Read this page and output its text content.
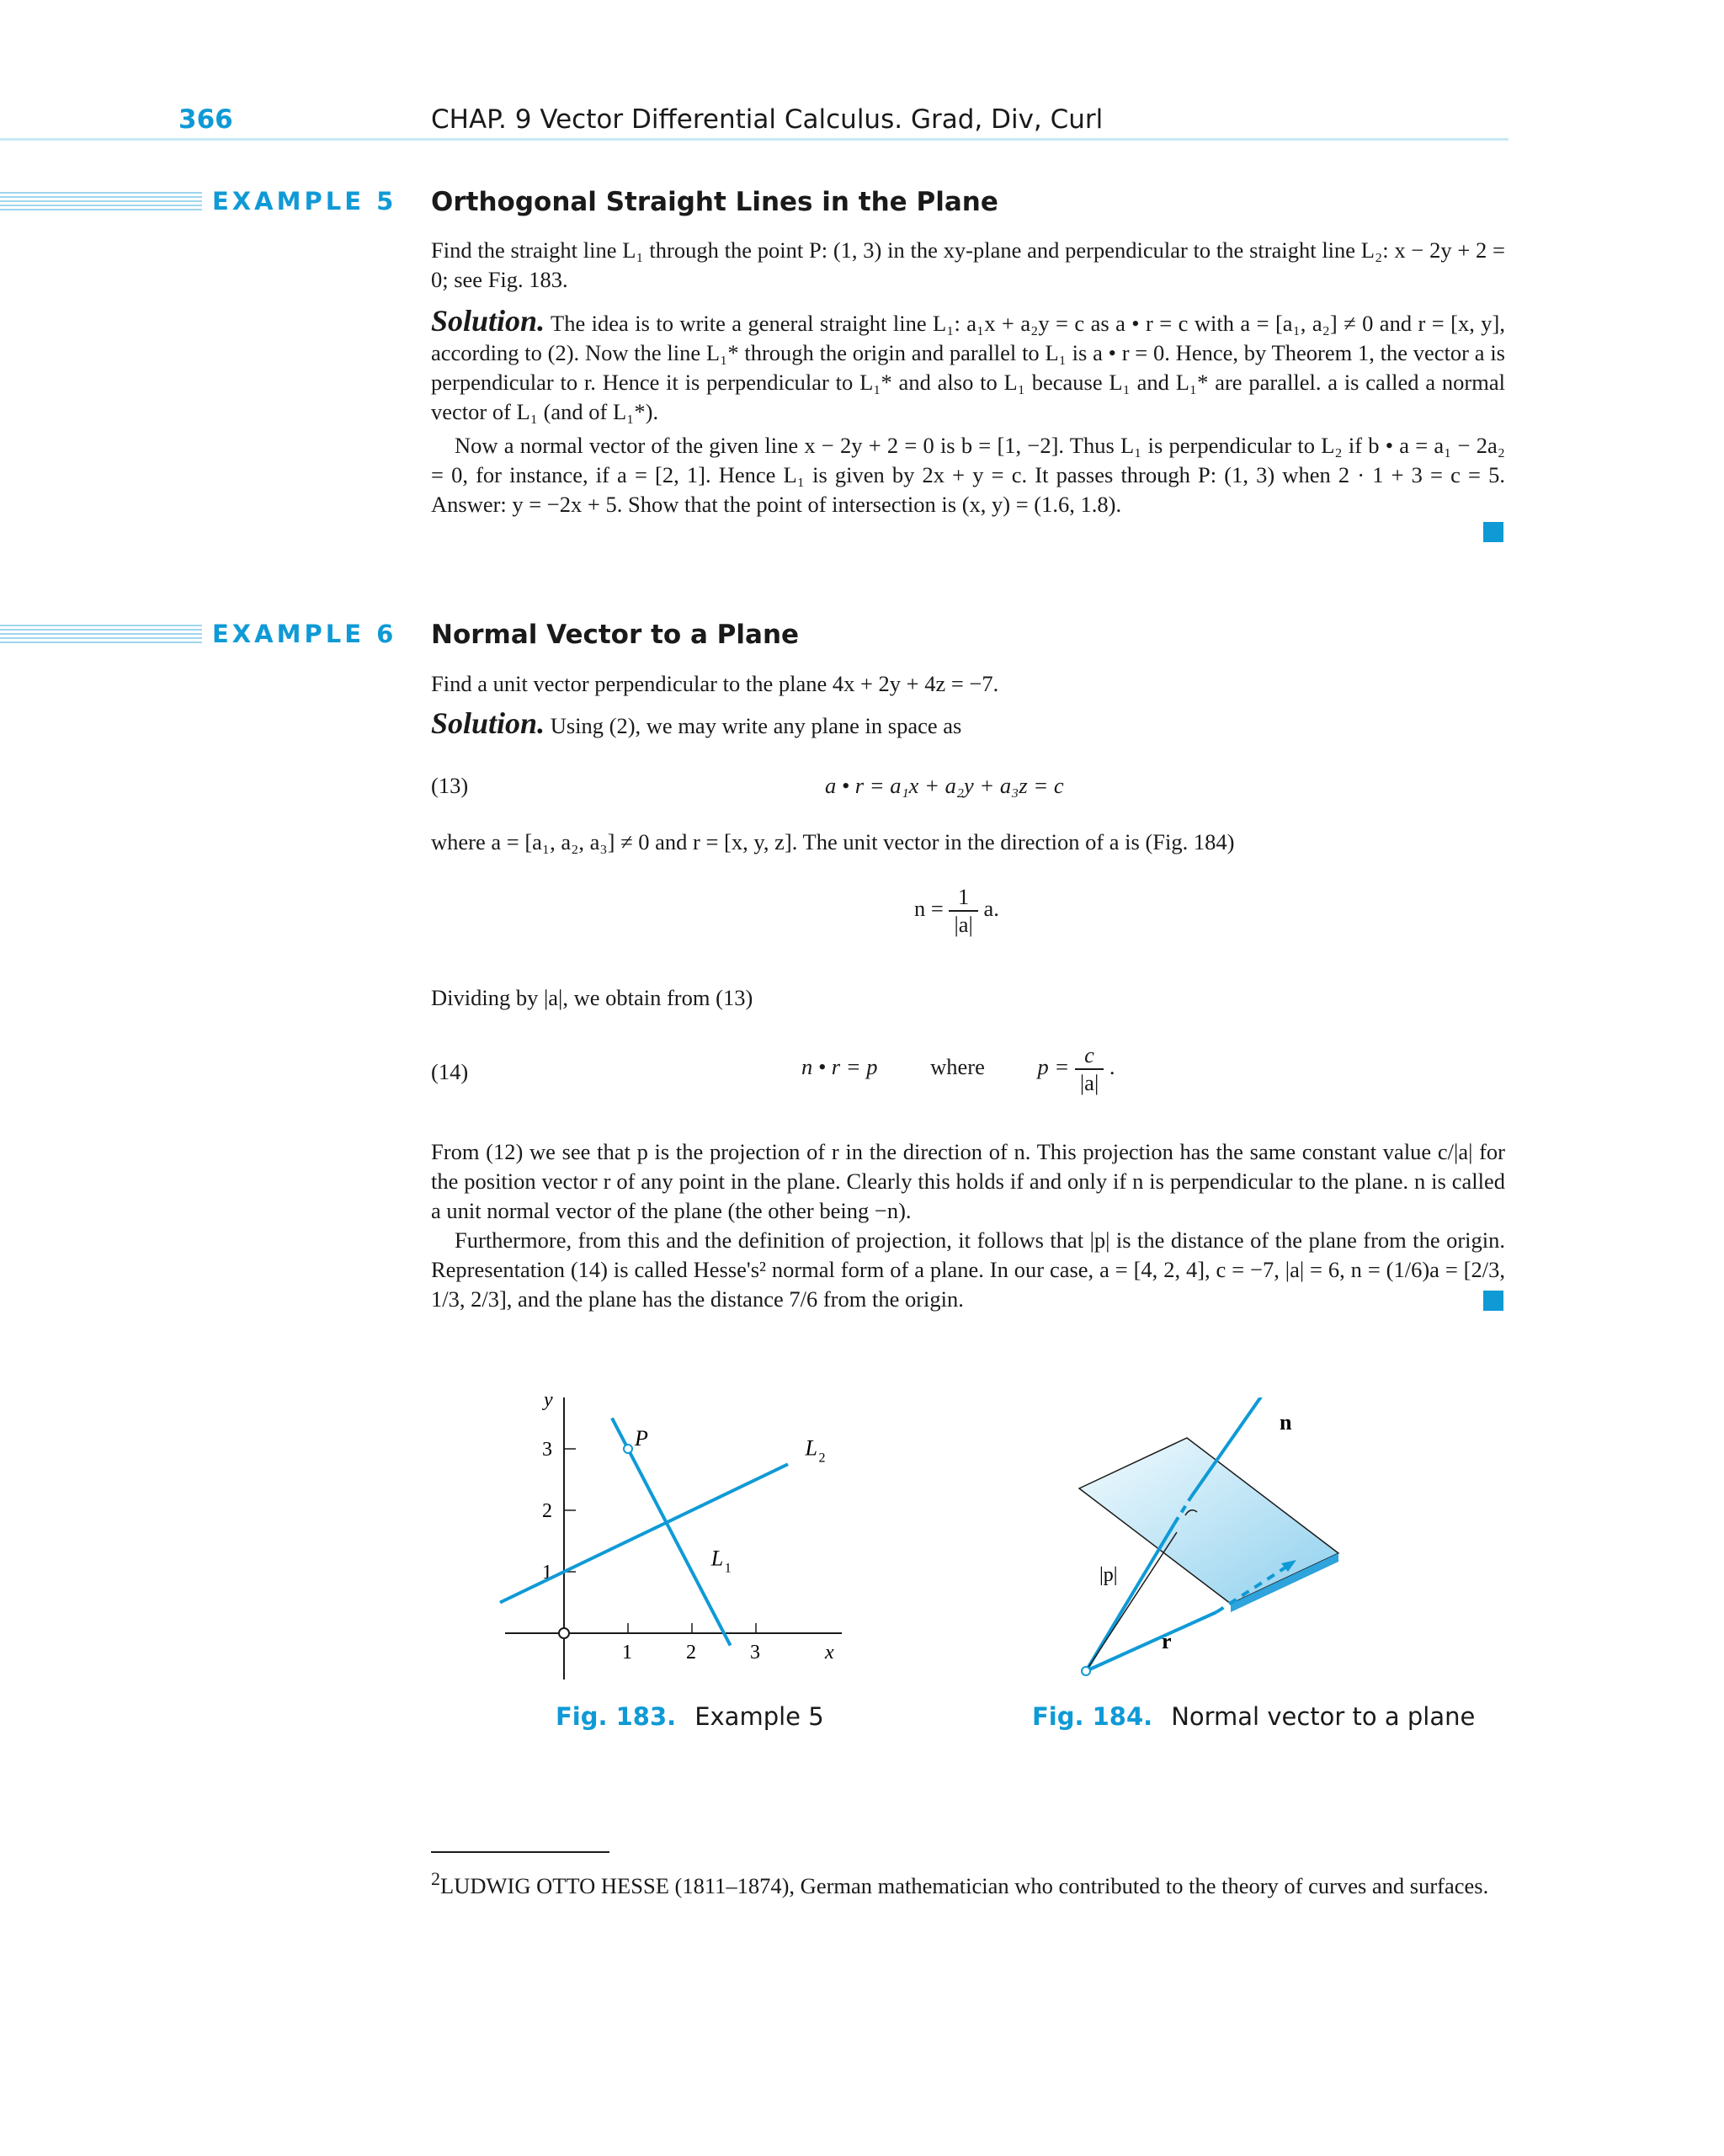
366	CHAP. 9 Vector Differential Calculus. Grad, Div, Curl
EXAMPLE 5 Orthogonal Straight Lines in the Plane
Find the straight line L₁ through the point P: (1, 3) in the xy-plane and perpendicular to the straight line L₂: x − 2y + 2 = 0; see Fig. 183.
Solution. The idea is to write a general straight line L₁: a₁x + a₂y = c as a • r = c with a = [a₁, a₂] ≠ 0 and r = [x, y], according to (2). Now the line L₁* through the origin and parallel to L₁ is a • r = 0. Hence, by Theorem 1, the vector a is perpendicular to r. Hence it is perpendicular to L₁* and also to L₁ because L₁ and L₁* are parallel. a is called a normal vector of L₁ (and of L₁*).
Now a normal vector of the given line x − 2y + 2 = 0 is b = [1, −2]. Thus L₁ is perpendicular to L₂ if b • a = a₁ − 2a₂ = 0, for instance, if a = [2, 1]. Hence L₁ is given by 2x + y = c. It passes through P: (1, 3) when 2 · 1 + 3 = c = 5. Answer: y = −2x + 5. Show that the point of intersection is (x, y) = (1.6, 1.8).
EXAMPLE 6 Normal Vector to a Plane
Find a unit vector perpendicular to the plane 4x + 2y + 4z = −7.
Solution. Using (2), we may write any plane in space as
(13)	a • r = a₁x + a₂y + a₃z = c
where a = [a₁, a₂, a₃] ≠ 0 and r = [x, y, z]. The unit vector in the direction of a is (Fig. 184)
$n = \frac{1}{|a|} a$.
Dividing by |a|, we obtain from (13)
(14)	n • r = p where $p = \frac{c}{|a|}$ .
From (12) we see that p is the projection of r in the direction of n. This projection has the same constant value c/|a| for the position vector r of any point in the plane. Clearly this holds if and only if n is perpendicular to the plane. n is called a unit normal vector of the plane (the other being −n).
Furthermore, from this and the definition of projection, it follows that |p| is the distance of the plane from the origin. Representation (14) is called Hesse's² normal form of a plane. In our case, a = [4, 2, 4], c = −7, |a| = 6, n = (1/6)a = [2/3, 1/3, 2/3], and the plane has the distance 7/6 from the origin.
1	2	3
1
2
3
x
y
P
L 1
L 2
Fig. 183. Example 5
n
|p|
r
Fig. 184. Normal vector to a plane
$^2$LUDWIG OTTO HESSE (1811–1874), German mathematician who contributed to the theory of curves and surfaces.
